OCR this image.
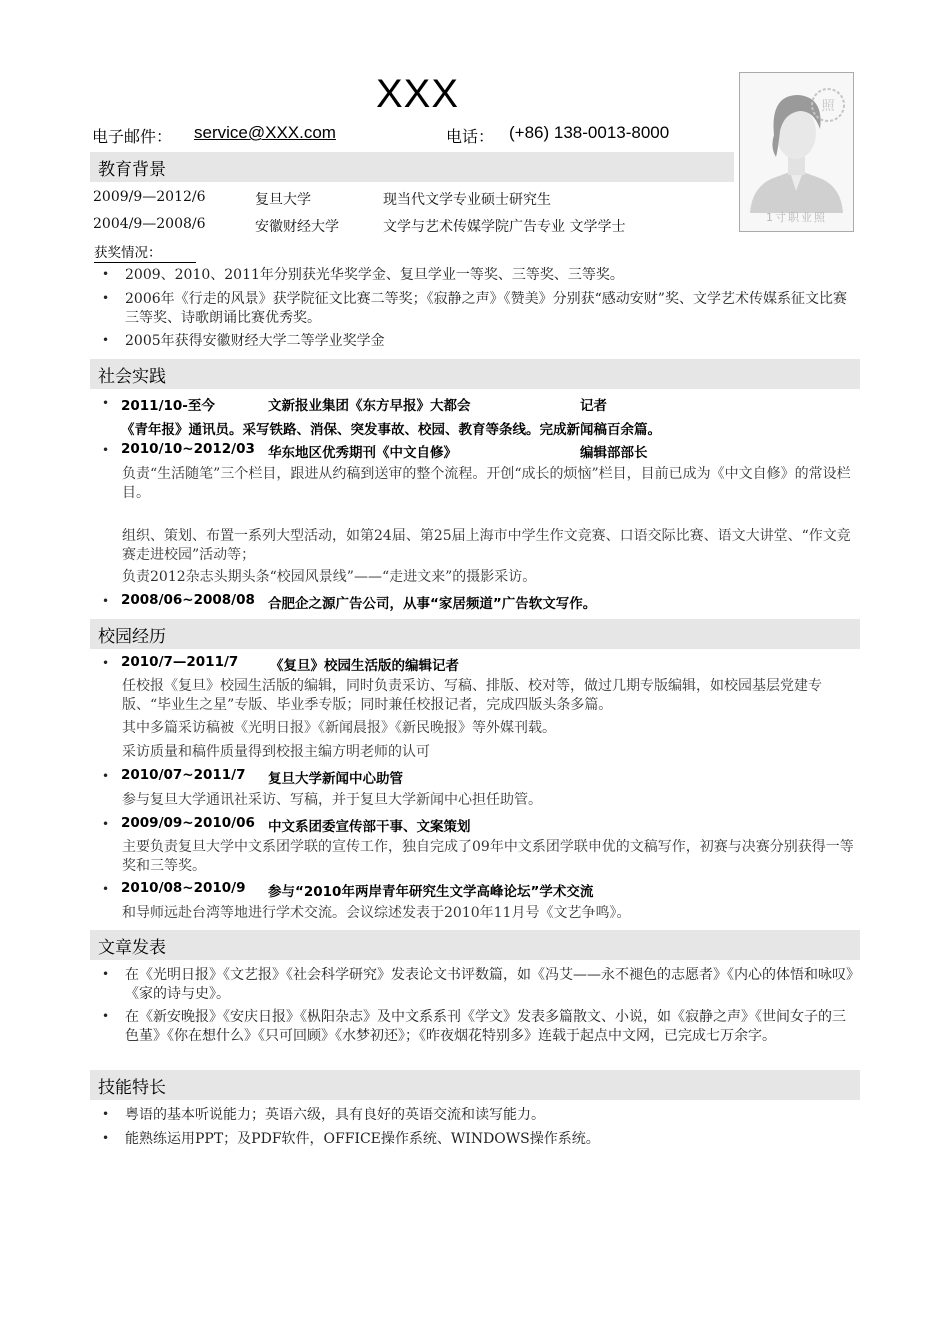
XXX
电子邮件： service@XXX.com	电话： (+86) 138-0013-8000
照
1寸职业照
教育背景
2009/9—2012/6	复旦大学	现当代文学专业硕士研究生
2004/9—2008/6	安徽财经大学	文学与艺术传媒学院广告专业 文学学士
获奖情况：
• 2009、2010、2011年分别获光华奖学金、复旦学业一等奖、三等奖、三等奖。
• 2006年《行走的风景》获学院征文比赛二等奖；《寂静之声》《赞美》分别获“感动安财”奖、文学艺术传媒系征文比赛三等奖、诗歌朗诵比赛优秀奖。
• 2005年获得安徽财经大学二等学业奖学金
社会实践
• 2011/10-至今	文新报业集团《东方早报》大都会	记者
《青年报》通讯员。采写铁路、消保、突发事故、校园、教育等条线。完成新闻稿百余篇。
• 2010/10~2012/03 华东地区优秀期刊《中文自修》	编辑部部长
负责“生活随笔”三个栏目，跟进从约稿到送审的整个流程。开创“成长的烦恼”栏目，目前已成为《中文自修》的常设栏目。
组织、策划、布置一系列大型活动，如第24届、第25届上海市中学生作文竞赛、口语交际比赛、语文大讲堂、“作文竞赛走进校园”活动等；
负责2012杂志头期头条“校园风景线”——“走进文来”的摄影采访。
• 2008/06~2008/08 合肥企之源广告公司，从事“家居频道”广告软文写作。
校园经历
• 2010/7—2011/7 《复旦》校园生活版的编辑记者
任校报《复旦》校园生活版的编辑，同时负责采访、写稿、排版、校对等，做过几期专版编辑，如校园基层党建专版、“毕业生之星”专版、毕业季专版；同时兼任校报记者，完成四版头条多篇。
其中多篇采访稿被《光明日报》《新闻晨报》《新民晚报》等外媒刊载。
采访质量和稿件质量得到校报主编方明老师的认可
• 2010/07~2011/7 复旦大学新闻中心助管
参与复旦大学通讯社采访、写稿，并于复旦大学新闻中心担任助管。
• 2009/09~2010/06 中文系团委宣传部干事、文案策划
主要负责复旦大学中文系团学联的宣传工作，独自完成了09年中文系团学联申优的文稿写作，初赛与决赛分别获得一等奖和三等奖。
• 2010/08~2010/9 参与“2010年两岸青年研究生文学高峰论坛”学术交流
和导师远赴台湾等地进行学术交流。会议综述发表于2010年11月号《文艺争鸣》。
文章发表
• 在《光明日报》《文艺报》《社会科学研究》发表论文书评数篇，如《冯艾——永不褪色的志愿者》《内心的体悟和咏叹》《家的诗与史》。
• 在《新安晚报》《安庆日报》《枞阳杂志》及中文系系刊《学文》发表多篇散文、小说，如《寂静之声》《世间女子的三色堇》《你在想什么》《只可回顾》《水梦初还》；《昨夜烟花特别多》连载于起点中文网，已完成七万余字。
技能特长
• 粤语的基本听说能力；英语六级，具有良好的英语交流和读写能力。
• 能熟练运用PPT；及PDF软件，OFFICE操作系统、WINDOWS操作系统。
